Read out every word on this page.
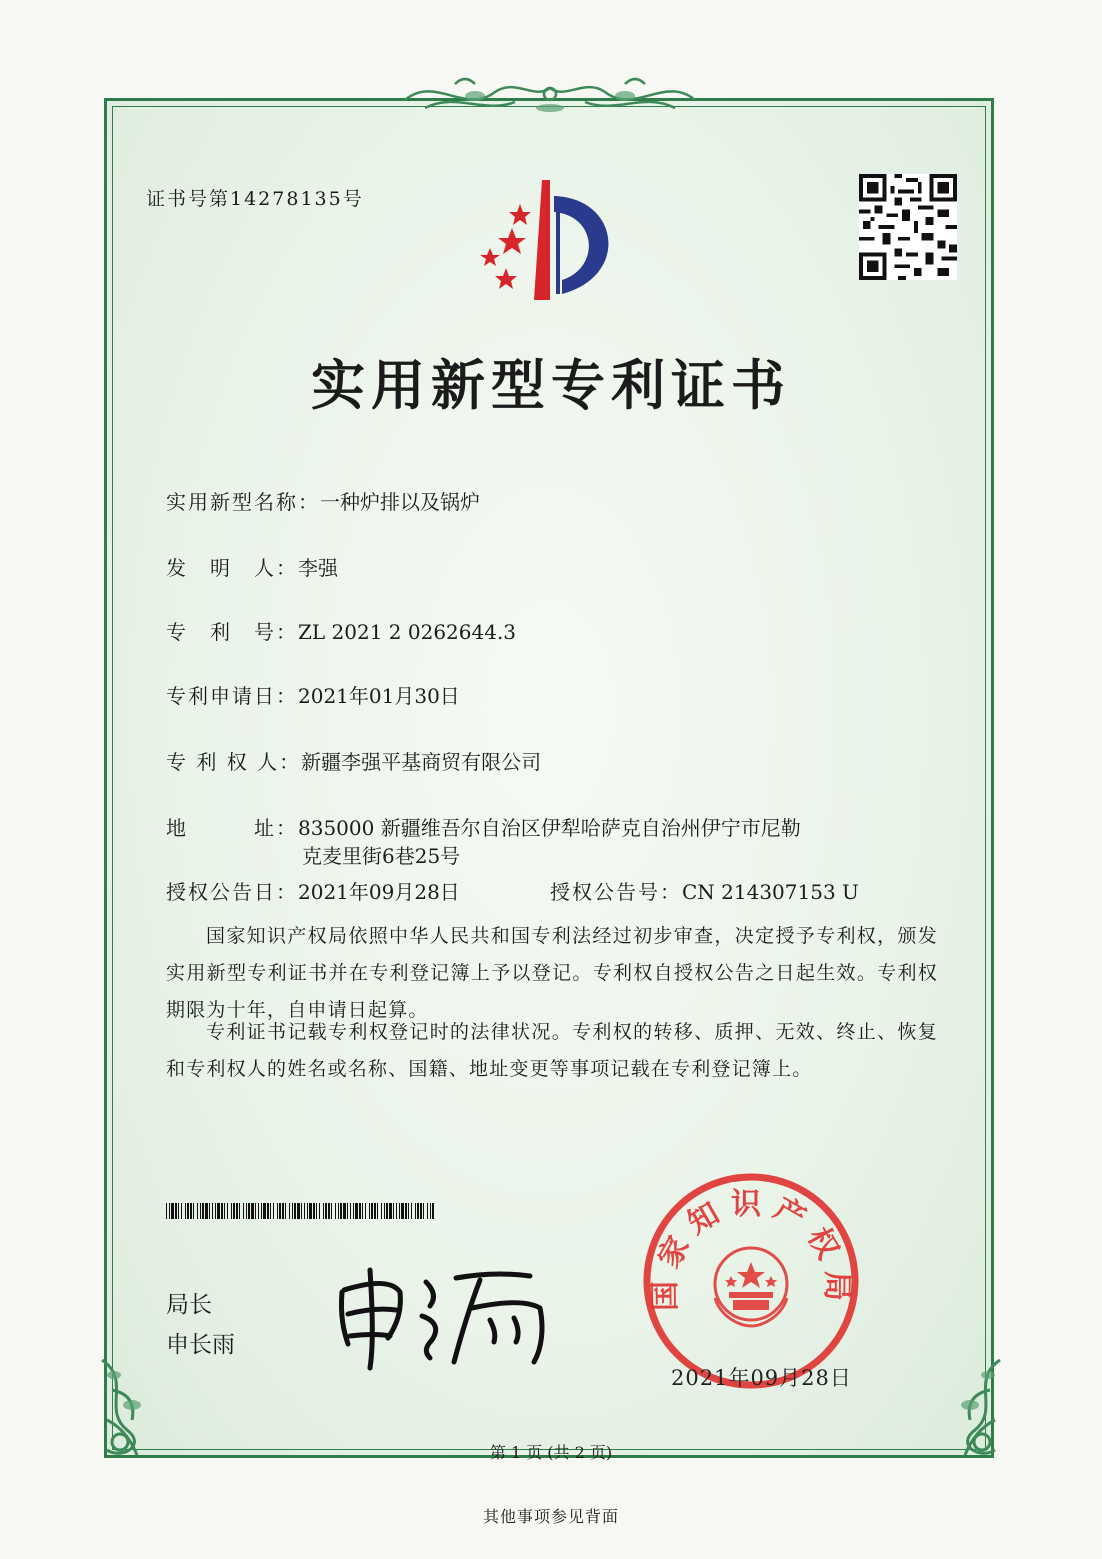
证书号第14278135号
实用新型专利证书
实用新型名称：一种炉排以及锅炉
发　明　人：李强
专　利　号：ZL 2021 2 0262644.3
专利申请日：2021年01月30日
专 利 权 人：新疆李强平基商贸有限公司
地　　　址：835000 新疆维吾尔自治区伊犁哈萨克自治州伊宁市尼勒
克麦里街6巷25号
授权公告日：2021年09月28日	授权公告号：CN 214307153 U
国家知识产权局依照中华人民共和国专利法经过初步审查，决定授予专利权，颁发实用新型专利证书并在专利登记簿上予以登记。专利权自授权公告之日起生效。专利权期限为十年，自申请日起算。
专利证书记载专利权登记时的法律状况。专利权的转移、质押、无效、终止、恢复和专利权人的姓名或名称、国籍、地址变更等事项记载在专利登记簿上。
局长
申长雨
国家知识产权局
2021年09月28日
第 1 页 (共 2 页)
其他事项参见背面
